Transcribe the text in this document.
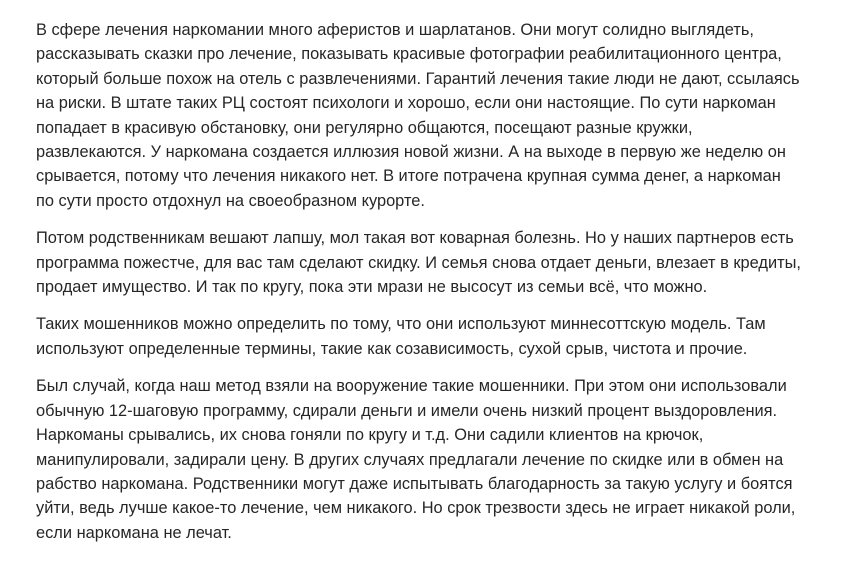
В сфере лечения наркомании много аферистов и шарлатанов. Они могут солидно выглядеть,
рассказывать сказки про лечение, показывать красивые фотографии реабилитационного центра,
который больше похож на отель с развлечениями. Гарантий лечения такие люди не дают, ссылаясь
на риски. В штате таких РЦ состоят психологи и хорошо, если они настоящие. По сути наркоман
попадает в красивую обстановку, они регулярно общаются, посещают разные кружки,
развлекаются. У наркомана создается иллюзия новой жизни. А на выходе в первую же неделю он
срывается, потому что лечения никакого нет. В итоге потрачена крупная сумма денег, а наркоман
по сути просто отдохнул на своеобразном курорте.

Потом родственникам вешают лапшу, мол такая вот коварная болезнь. Но у наших партнеров есть
программа пожестче, для вас там сделают скидку. И семья снова отдает деньги, влезает в кредиты,
продает имущество. И так по кругу, пока эти мрази не высосут из семьи всё, что можно.

Таких мошенников можно определить по тому, что они используют миннесоттскую модель. Там
используют определенные термины, такие как созависимость, сухой срыв, чистота и прочие.

Был случай, когда наш метод взяли на вооружение такие мошенники. При этом они использовали
обычную 12-шаговую программу, сдирали деньги и имели очень низкий процент выздоровления.
Наркоманы срывались, их снова гоняли по кругу и т.д. Они садили клиентов на крючок,
манипулировали, задирали цену. В других случаях предлагали лечение по скидке или в обмен на
рабство наркомана. Родственники могут даже испытывать благодарность за такую услугу и боятся
уйти, ведь лучше какое-то лечение, чем никакого. Но срок трезвости здесь не играет никакой роли,
если наркомана не лечат.
